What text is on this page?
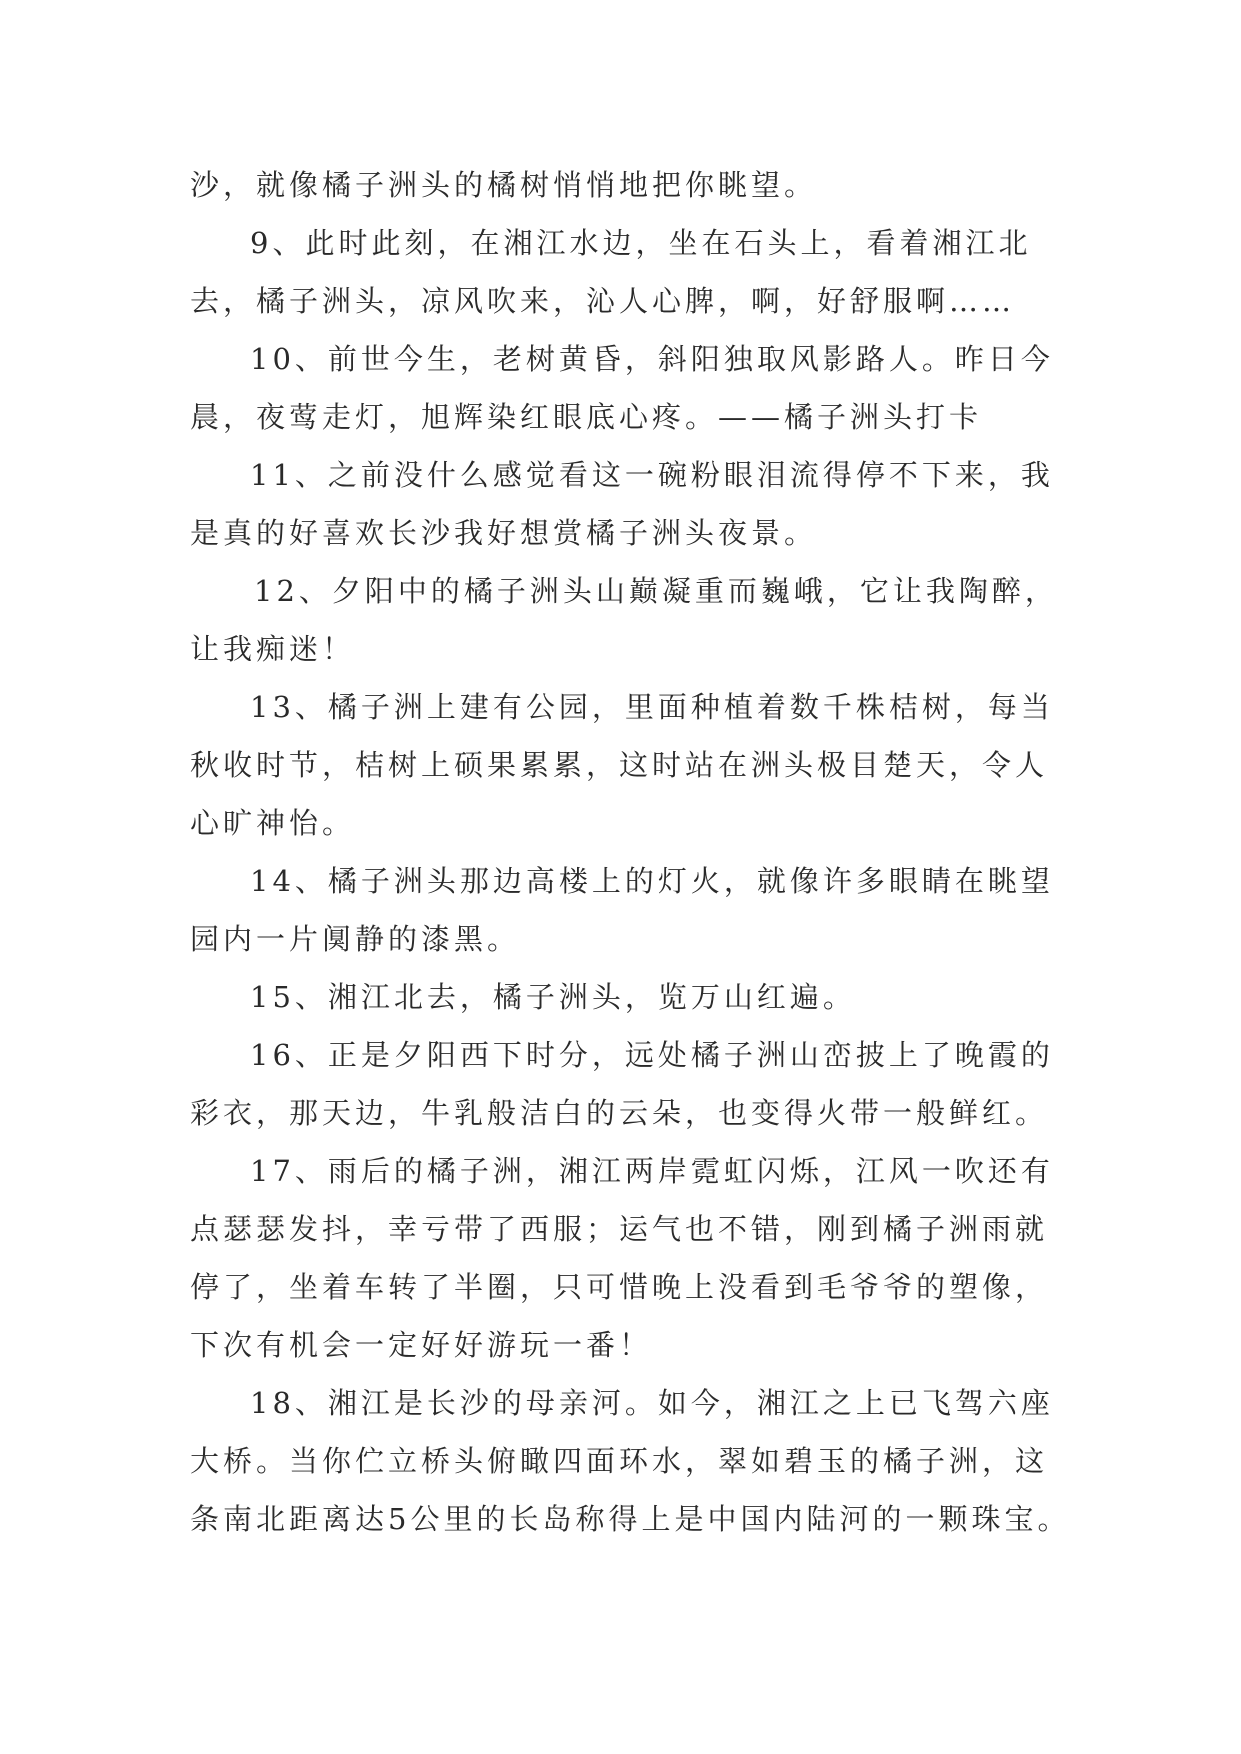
沙，就像橘子洲头的橘树悄悄地把你眺望。
9、此时此刻，在湘江水边，坐在石头上，看着湘江北
去，橘子洲头，凉风吹来，沁人心脾，啊，好舒服啊……
10、前世今生，老树黄昏，斜阳独取风影路人。昨日今
晨，夜莺走灯，旭辉染红眼底心疼。——橘子洲头打卡
11、之前没什么感觉看这一碗粉眼泪流得停不下来，我
是真的好喜欢长沙我好想赏橘子洲头夜景。
12、夕阳中的橘子洲头山巅凝重而巍峨，它让我陶醉，
让我痴迷！
13、橘子洲上建有公园，里面种植着数千株桔树，每当
秋收时节，桔树上硕果累累，这时站在洲头极目楚天，令人
心旷神怡。
14、橘子洲头那边高楼上的灯火，就像许多眼睛在眺望
园内一片阒静的漆黑。
15、湘江北去，橘子洲头，览万山红遍。
16、正是夕阳西下时分，远处橘子洲山峦披上了晚霞的
彩衣，那天边，牛乳般洁白的云朵，也变得火带一般鲜红。
17、雨后的橘子洲，湘江两岸霓虹闪烁，江风一吹还有
点瑟瑟发抖，幸亏带了西服；运气也不错，刚到橘子洲雨就
停了，坐着车转了半圈，只可惜晚上没看到毛爷爷的塑像，
下次有机会一定好好游玩一番！
18、湘江是长沙的母亲河。如今，湘江之上已飞驾六座
大桥。当你伫立桥头俯瞰四面环水，翠如碧玉的橘子洲，这
条南北距离达5公里的长岛称得上是中国内陆河的一颗珠宝。
